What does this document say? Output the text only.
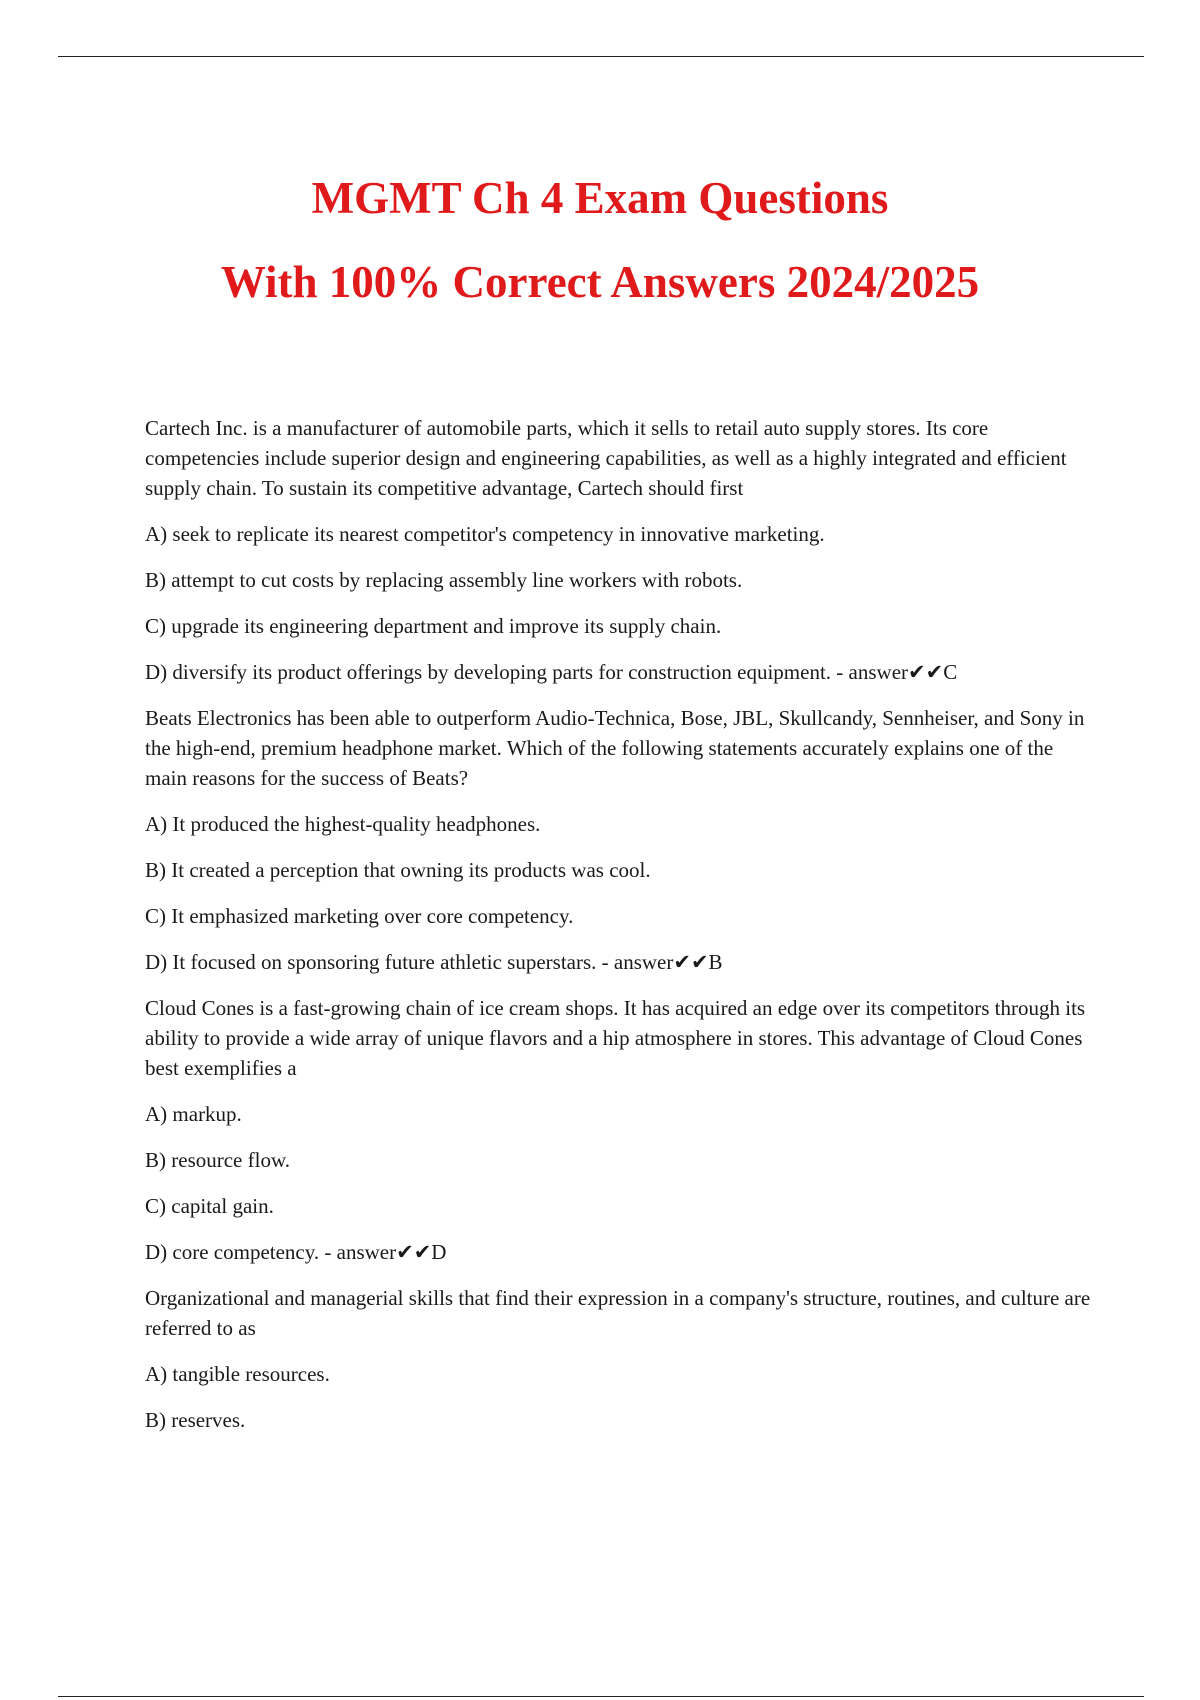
MGMT Ch 4 Exam Questions
With 100% Correct Answers 2024/2025

Cartech Inc. is a manufacturer of automobile parts, which it sells to retail auto supply stores. Its core competencies include superior design and engineering capabilities, as well as a highly integrated and efficient supply chain. To sustain its competitive advantage, Cartech should first

A) seek to replicate its nearest competitor's competency in innovative marketing.

B) attempt to cut costs by replacing assembly line workers with robots.

C) upgrade its engineering department and improve its supply chain.

D) diversify its product offerings by developing parts for construction equipment. - answer✔✔C

Beats Electronics has been able to outperform Audio-Technica, Bose, JBL, Skullcandy, Sennheiser, and Sony in the high-end, premium headphone market. Which of the following statements accurately explains one of the main reasons for the success of Beats?

A) It produced the highest-quality headphones.

B) It created a perception that owning its products was cool.

C) It emphasized marketing over core competency.

D) It focused on sponsoring future athletic superstars. - answer✔✔B

Cloud Cones is a fast-growing chain of ice cream shops. It has acquired an edge over its competitors through its ability to provide a wide array of unique flavors and a hip atmosphere in stores. This advantage of Cloud Cones best exemplifies a

A) markup.

B) resource flow.

C) capital gain.

D) core competency. - answer✔✔D

Organizational and managerial skills that find their expression in a company's structure, routines, and culture are referred to as

A) tangible resources.

B) reserves.
